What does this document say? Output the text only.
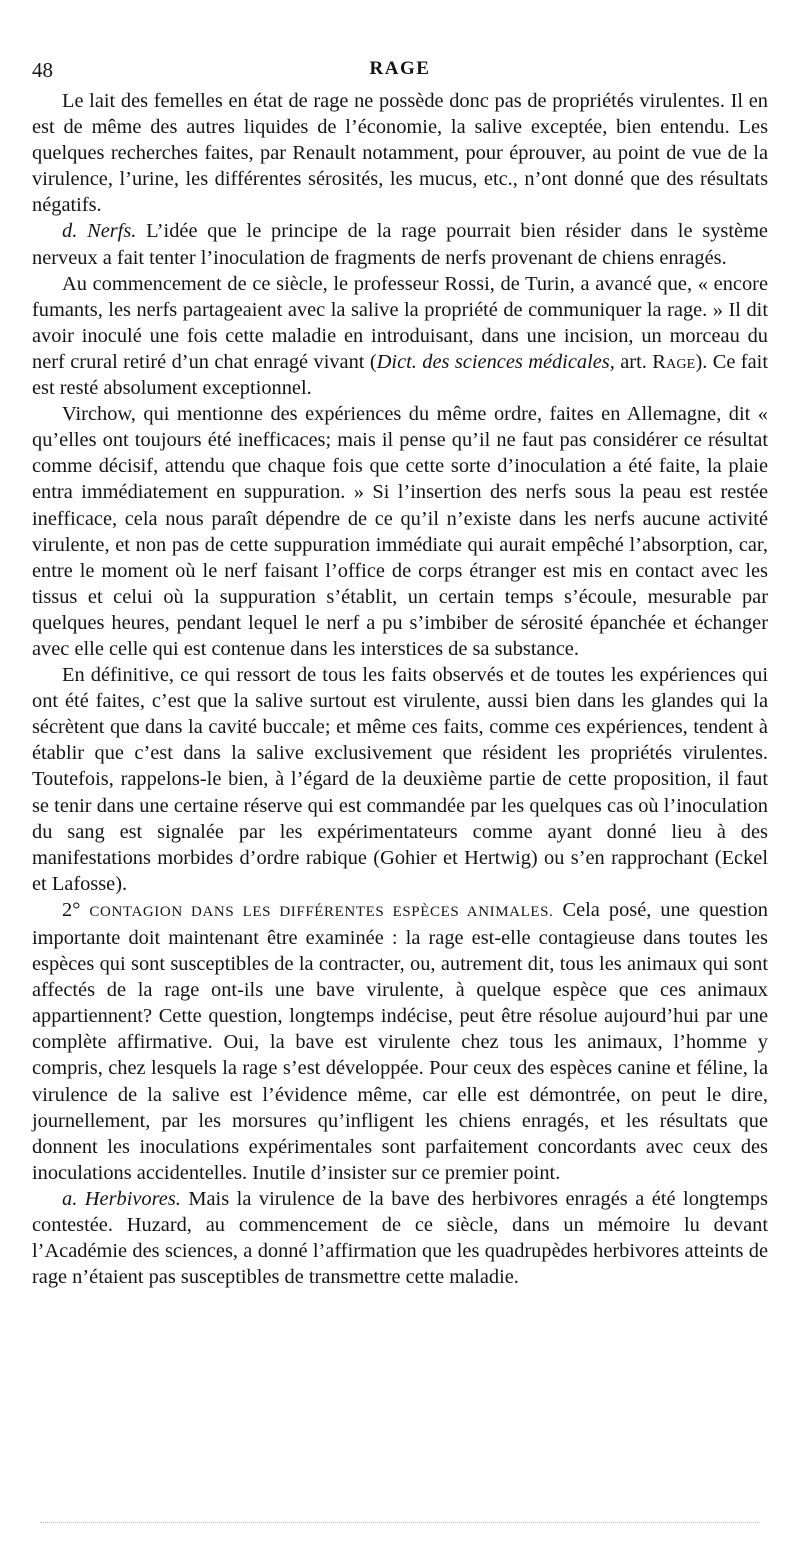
48	RAGE

Le lait des femelles en état de rage ne possède donc pas de propriétés virulentes. Il en est de même des autres liquides de l’économie, la salive exceptée, bien entendu. Les quelques recherches faites, par Renault notamment, pour éprouver, au point de vue de la virulence, l’urine, les différentes sérosités, les mucus, etc., n’ont donné que des résultats négatifs.

d. Nerfs. L’idée que le principe de la rage pourrait bien résider dans le système nerveux a fait tenter l’inoculation de fragments de nerfs provenant de chiens enragés.

Au commencement de ce siècle, le professeur Rossi, de Turin, a avancé que, « encore fumants, les nerfs partageaient avec la salive la propriété de communiquer la rage. » Il dit avoir inoculé une fois cette maladie en introduisant, dans une incision, un morceau du nerf crural retiré d’un chat enragé vivant (Dict. des sciences médicales, art. Rage). Ce fait est resté absolument exceptionnel.

Virchow, qui mentionne des expériences du même ordre, faites en Allemagne, dit « qu’elles ont toujours été inefficaces; mais il pense qu’il ne faut pas considérer ce résultat comme décisif, attendu que chaque fois que cette sorte d’inoculation a été faite, la plaie entra immédiatement en suppuration. » Si l’insertion des nerfs sous la peau est restée inefficace, cela nous paraît dépendre de ce qu’il n’existe dans les nerfs aucune activité virulente, et non pas de cette suppuration immédiate qui aurait empêché l’absorption, car, entre le moment où le nerf faisant l’office de corps étranger est mis en contact avec les tissus et celui où la suppuration s’établit, un certain temps s’écoule, mesurable par quelques heures, pendant lequel le nerf a pu s’imbiber de sérosité épanchée et échanger avec elle celle qui est contenue dans les interstices de sa substance.

En définitive, ce qui ressort de tous les faits observés et de toutes les expériences qui ont été faites, c’est que la salive surtout est virulente, aussi bien dans les glandes qui la sécrètent que dans la cavité buccale; et même ces faits, comme ces expériences, tendent à établir que c’est dans la salive exclusivement que résident les propriétés virulentes. Toutefois, rappelons-le bien, à l’égard de la deuxième partie de cette proposition, il faut se tenir dans une certaine réserve qui est commandée par les quelques cas où l’inoculation du sang est signalée par les expérimentateurs comme ayant donné lieu à des manifestations morbides d’ordre rabique (Gohier et Hertwig) ou s’en rapprochant (Eckel et Lafosse).

2° CONTAGION DANS LES DIFFÉRENTES ESPÈCES ANIMALES. Cela posé, une question importante doit maintenant être examinée : la rage est-elle contagieuse dans toutes les espèces qui sont susceptibles de la contracter, ou, autrement dit, tous les animaux qui sont affectés de la rage ont-ils une bave virulente, à quelque espèce que ces animaux appartiennent? Cette question, longtemps indécise, peut être résolue aujourd’hui par une complète affirmative. Oui, la bave est virulente chez tous les animaux, l’homme y compris, chez lesquels la rage s’est développée. Pour ceux des espèces canine et féline, la virulence de la salive est l’évidence même, car elle est démontrée, on peut le dire, journellement, par les morsures qu’infligent les chiens enragés, et les résultats que donnent les inoculations expérimentales sont parfaitement concordants avec ceux des inoculations accidentelles. Inutile d’insister sur ce premier point.

a. Herbivores. Mais la virulence de la bave des herbivores enragés a été longtemps contestée. Huzard, au commencement de ce siècle, dans un mémoire lu devant l’Académie des sciences, a donné l’affirmation que les quadrupèdes herbivores atteints de rage n’étaient pas susceptibles de transmettre cette maladie.
